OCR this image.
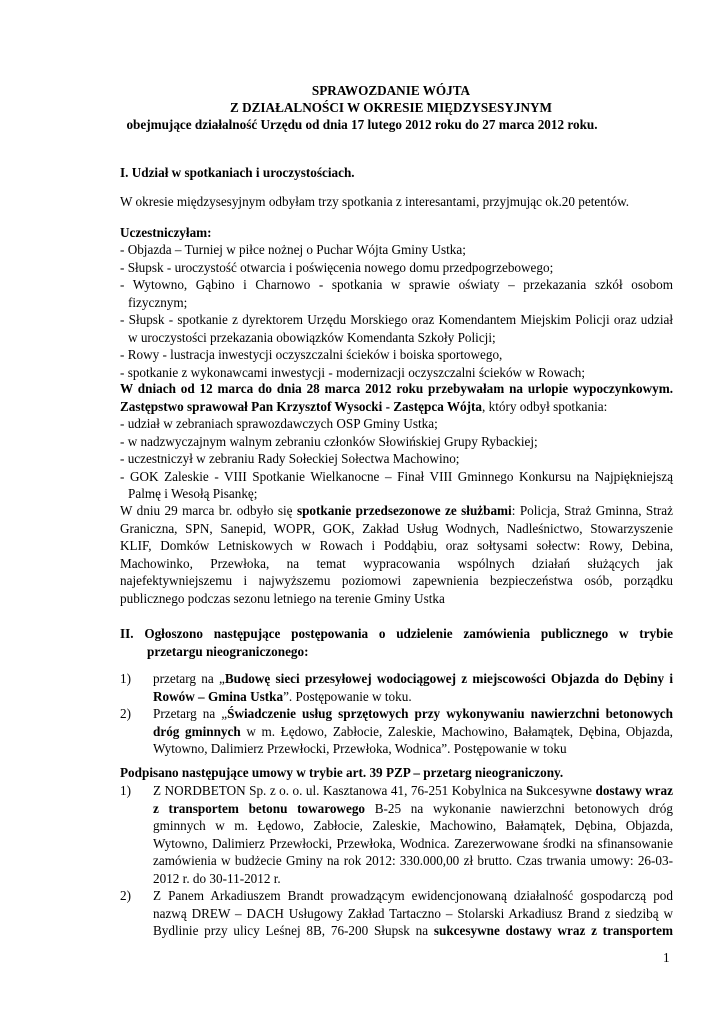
SPRAWOZDANIE WÓJTA
Z DZIAŁALNOŚCI W OKRESIE MIĘDZYSESYJNYM
obejmujące działalność Urzędu od dnia 17 lutego 2012 roku do 27 marca 2012 roku.
I. Udział w spotkaniach i uroczystościach.
W okresie międzysesyjnym odbyłam trzy spotkania z interesantami, przyjmując ok.20 petentów.
Uczestniczyłam:
- Objazda – Turniej w piłce nożnej o Puchar Wójta Gminy Ustka;
- Słupsk - uroczystość otwarcia i poświęcenia nowego domu przedpogrzebowego;
- Wytowno, Gąbino i Charnowo - spotkania w sprawie oświaty – przekazania szkół osobom
fizycznym;
- Słupsk - spotkanie z dyrektorem Urzędu Morskiego oraz Komendantem Miejskim Policji oraz udział
w uroczystości przekazania obowiązków Komendanta Szkoły Policji;
- Rowy - lustracja inwestycji oczyszczalni ścieków i boiska sportowego,
- spotkanie z wykonawcami inwestycji - modernizacji oczyszczalni ścieków w Rowach;
W dniach od 12 marca do dnia 28 marca 2012 roku przebywałam na urlopie wypoczynkowym.
Zastępstwo sprawował Pan Krzysztof Wysocki - Zastępca Wójta, który odbył spotkania:
- udział w zebraniach sprawozdawczych OSP Gminy Ustka;
- w nadzwyczajnym walnym zebraniu członków Słowińskiej Grupy Rybackiej;
- uczestniczył w zebraniu Rady Sołeckiej Sołectwa Machowino;
- GOK Zaleskie - VIII Spotkanie Wielkanocne – Finał VIII Gminnego Konkursu na Najpiękniejszą
Palmę i Wesołą Pisankę;
W dniu 29 marca br. odbyło się spotkanie przedsezonowe ze służbami: Policja, Straż Gminna, Straż
Graniczna, SPN, Sanepid, WOPR, GOK, Zakład Usług Wodnych, Nadleśnictwo, Stowarzyszenie
KLIF, Domków Letniskowych w Rowach i Poddąbiu, oraz sołtysami sołectw: Rowy, Debina,
Machowinko, Przewłoka, na temat wypracowania wspólnych działań służących jak
najefektywniejszemu i najwyższemu poziomowi zapewnienia bezpieczeństwa osób, porządku
publicznego podczas sezonu letniego na terenie Gminy Ustka
II. Ogłoszono następujące postępowania o udzielenie zamówienia publicznego w trybie
przetargu nieograniczonego:
1) przetarg na „Budowę sieci przesyłowej wodociągowej z miejscowości Objazda do Dębiny i
Rowów – Gmina Ustka”. Postępowanie w toku.
2) Przetarg na „Świadczenie usług sprzętowych przy wykonywaniu nawierzchni betonowych
dróg gminnych w m. Łędowo, Zabłocie, Zaleskie, Machowino, Bałamątek, Dębina, Objazda,
Wytowno, Dalimierz Przewłocki, Przewłoka, Wodnica”. Postępowanie w toku
Podpisano następujące umowy w trybie art. 39 PZP – przetarg nieograniczony.
1) Z NORDBETON Sp. z o. o. ul. Kasztanowa 41, 76-251 Kobylnica na Sukcesywne dostawy wraz
z transportem betonu towarowego B-25 na wykonanie nawierzchni betonowych dróg
gminnych w m. Łędowo, Zabłocie, Zaleskie, Machowino, Bałamątek, Dębina, Objazda,
Wytowno, Dalimierz Przewłocki, Przewłoka, Wodnica. Zarezerwowane środki na sfinansowanie
zamówienia w budżecie Gminy na rok 2012: 330.000,00 zł brutto. Czas trwania umowy: 26-03-
2012 r. do 30-11-2012 r.
2) Z Panem Arkadiuszem Brandt prowadzącym ewidencjonowaną działalność gospodarczą pod
nazwą DREW – DACH Usługowy Zakład Tartaczno – Stolarski Arkadiusz Brand z siedzibą w
Bydlinie przy ulicy Leśnej 8B, 76-200 Słupsk na sukcesywne dostawy wraz z transportem
1
